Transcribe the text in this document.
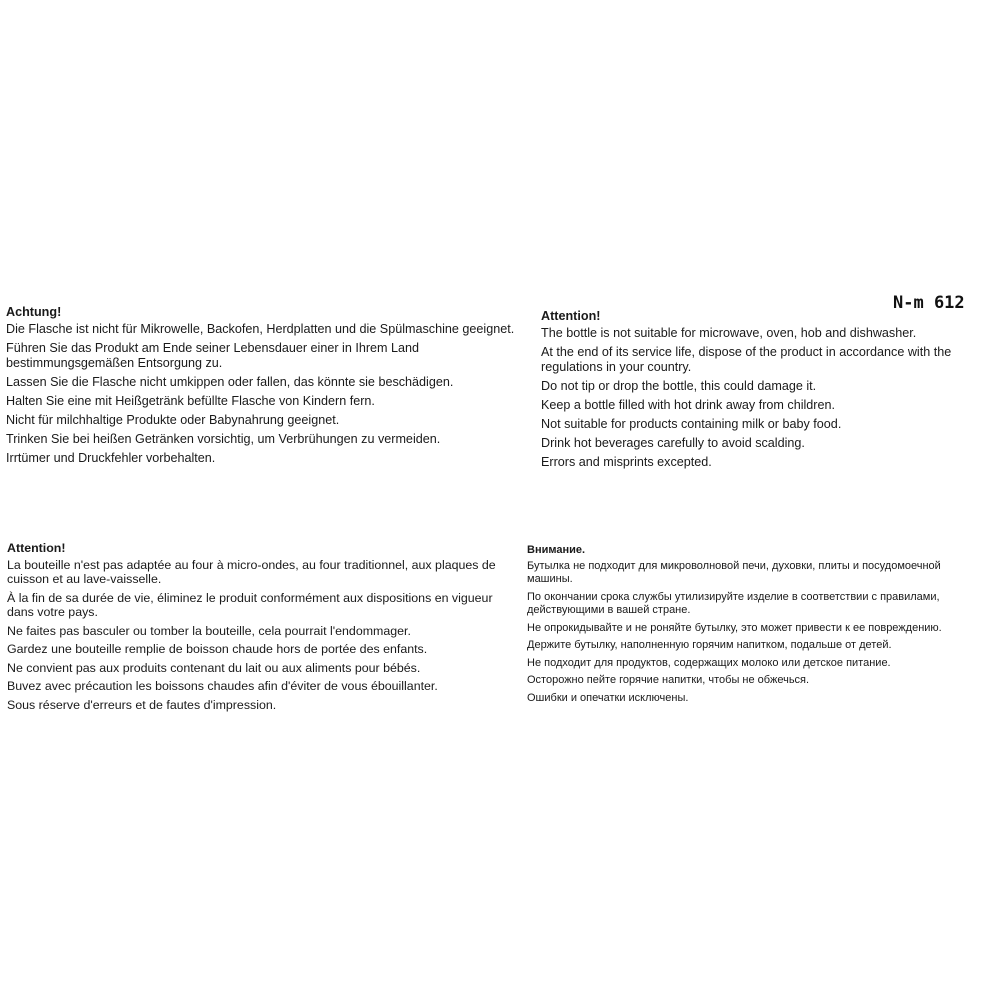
N-m 612
Achtung!
Die Flasche ist nicht für Mikrowelle, Backofen, Herdplatten und die Spülmaschine geeignet.
Führen Sie das Produkt am Ende seiner Lebensdauer einer in Ihrem Land bestimmungsgemäßen Entsorgung zu.
Lassen Sie die Flasche nicht umkippen oder fallen, das könnte sie beschädigen.
Halten Sie eine mit Heißgetränk befüllte Flasche von Kindern fern.
Nicht für milchhaltige Produkte oder Babynahrung geeignet.
Trinken Sie bei heißen Getränken vorsichtig, um Verbrühungen zu vermeiden.
Irrtümer und Druckfehler vorbehalten.
Attention!
The bottle is not suitable for microwave, oven, hob and dishwasher.
At the end of its service life, dispose of the product in accordance with the regulations in your country.
Do not tip or drop the bottle, this could damage it.
Keep a bottle filled with hot drink away from children.
Not suitable for products containing milk or baby food.
Drink hot beverages carefully to avoid scalding.
Errors and misprints excepted.
Attention!
La bouteille n'est pas adaptée au four à micro-ondes, au four traditionnel, aux plaques de cuisson et au lave-vaisselle.
À la fin de sa durée de vie, éliminez le produit conformément aux dispositions en vigueur dans votre pays.
Ne faites pas basculer ou tomber la bouteille, cela pourrait l'endommager.
Gardez une bouteille remplie de boisson chaude hors de portée des enfants.
Ne convient pas aux produits contenant du lait ou aux aliments pour bébés.
Buvez avec précaution les boissons chaudes afin d'éviter de vous ébouillanter.
Sous réserve d'erreurs et de fautes d'impression.
Внимание.
Бутылка не подходит для микроволновой печи, духовки, плиты и посудомоечной машины.
По окончании срока службы утилизируйте изделие в соответствии с правилами, действующими в вашей стране.
Не опрокидывайте и не роняйте бутылку, это может привести к ее повреждению.
Держите бутылку, наполненную горячим напитком, подальше от детей.
Не подходит для продуктов, содержащих молоко или детское питание.
Осторожно пейте горячие напитки, чтобы не обжечься.
Ошибки и опечатки исключены.
